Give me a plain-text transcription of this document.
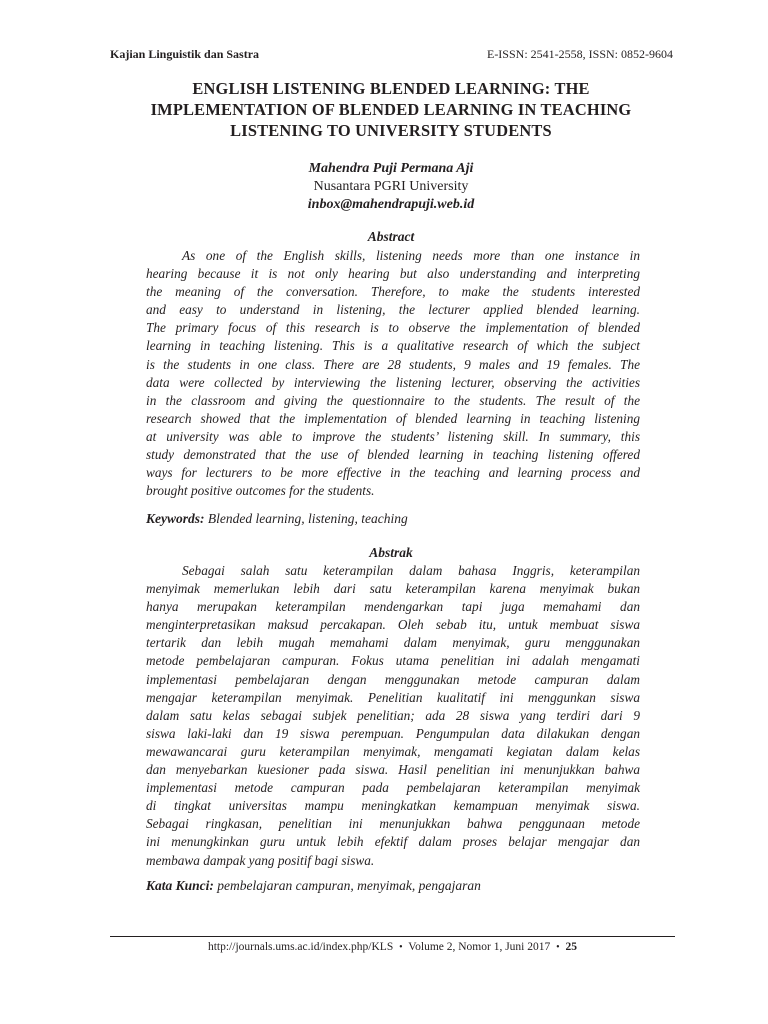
Kajian Linguistik dan Sastra	E-ISSN: 2541-2558, ISSN: 0852-9604
ENGLISH LISTENING BLENDED LEARNING: THE
IMPLEMENTATION OF BLENDED LEARNING IN TEACHING
LISTENING TO UNIVERSITY STUDENTS
Mahendra Puji Permana Aji
Nusantara PGRI University
inbox@mahendrapuji.web.id
Abstract
As one of the English skills, listening needs more than one instance in
hearing because it is not only hearing but also understanding and interpreting
the meaning of the conversation. Therefore, to make the students interested
and easy to understand in listening, the lecturer applied blended learning.
The primary focus of this research is to observe the implementation of blended
learning in teaching listening. This is a qualitative research of which the subject
is the students in one class. There are 28 students, 9 males and 19 females. The
data were collected by interviewing the listening lecturer, observing the activities
in the classroom and giving the questionnaire to the students. The result of the
research showed that the implementation of blended learning in teaching listening
at university was able to improve the students’ listening skill. In summary, this
study demonstrated that the use of blended learning in teaching listening offered
ways for lecturers to be more effective in the teaching and learning process and
brought positive outcomes for the students.
Keywords: Blended learning, listening, teaching
Abstrak
Sebagai salah satu keterampilan dalam bahasa Inggris, keterampilan
menyimak memerlukan lebih dari satu keterampilan karena menyimak bukan
hanya merupakan keterampilan mendengarkan tapi juga memahami dan
menginterpretasikan maksud percakapan. Oleh sebab itu, untuk membuat siswa
tertarik dan lebih mugah memahami dalam menyimak, guru menggunakan
metode pembelajaran campuran. Fokus utama penelitian ini adalah mengamati
implementasi pembelajaran dengan menggunakan metode campuran dalam
mengajar keterampilan menyimak. Penelitian kualitatif ini menggunkan siswa
dalam satu kelas sebagai subjek penelitian; ada 28 siswa yang terdiri dari 9
siswa laki-laki dan 19 siswa perempuan. Pengumpulan data dilakukan dengan
mewawancarai guru keterampilan menyimak, mengamati kegiatan dalam kelas
dan menyebarkan kuesioner pada siswa. Hasil penelitian ini menunjukkan bahwa
implementasi metode campuran pada pembelajaran keterampilan menyimak
di tingkat universitas mampu meningkatkan kemampuan menyimak siswa.
Sebagai ringkasan, penelitian ini menunjukkan bahwa penggunaan metode
ini menungkinkan guru untuk lebih efektif dalam proses belajar mengajar dan
membawa dampak yang positif bagi siswa.
Kata Kunci: pembelajaran campuran, menyimak, pengajaran
http://journals.ums.ac.id/index.php/KLS • Volume 2, Nomor 1, Juni 2017 • 25
